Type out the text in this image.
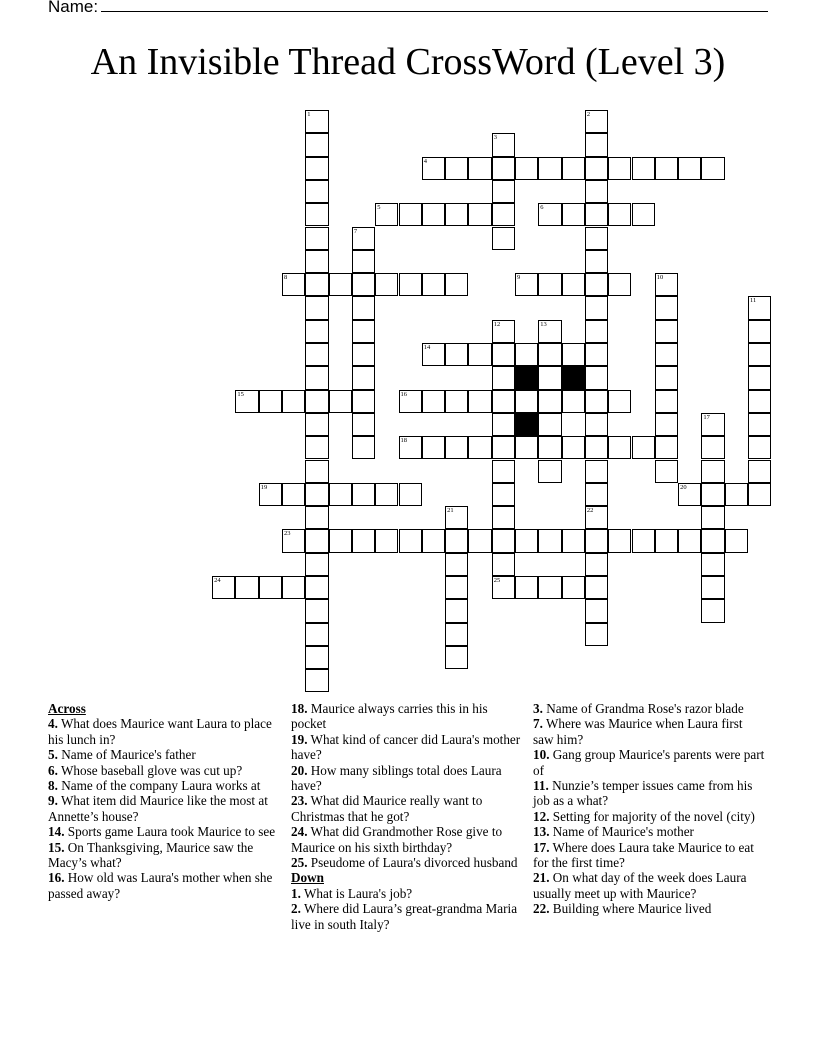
Name:
An Invisible Thread CrossWord (Level 3)
1	2
22
3
4
5	6
7
8	9	10
11
12	13
14
15	16
17
18
19	20
21
23
24	25
Across
4. What does Maurice want Laura to place his lunch in?
5. Name of Maurice's father
6. Whose baseball glove was cut up?
8. Name of the company Laura works at
9. What item did Maurice like the most at Annette’s house?
14. Sports game Laura took Maurice to see
15. On Thanksgiving, Maurice saw the Macy’s what?
16. How old was Laura's mother when she passed away?
18. Maurice always carries this in his pocket
19. What kind of cancer did Laura's mother have?
20. How many siblings total does Laura have?
23. What did Maurice really want to Christmas that he got?
24. What did Grandmother Rose give to Maurice on his sixth birthday?
25. Pseudome of Laura's divorced husband
Down
1. What is Laura's job?
2. Where did Laura’s great-grandma Maria live in south Italy?
3. Name of Grandma Rose's razor blade
7. Where was Maurice when Laura first saw him?
10. Gang group Maurice's parents were part of
11. Nunzie’s temper issues came from his job as a what?
12. Setting for majority of the novel (city)
13. Name of Maurice's mother
17. Where does Laura take Maurice to eat for the first time?
21. On what day of the week does Laura usually meet up with Maurice?
22. Building where Maurice lived
